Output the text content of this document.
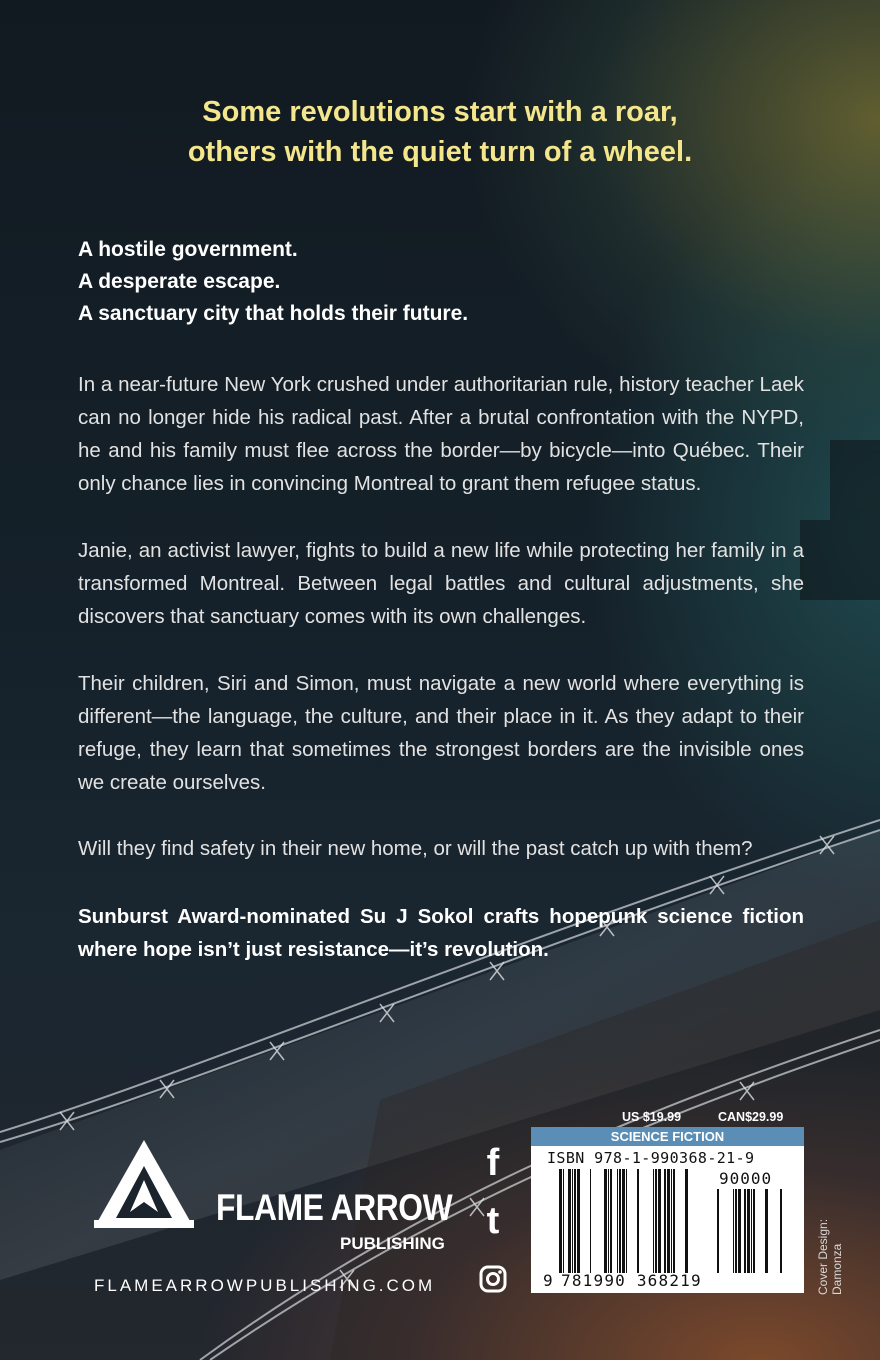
Some revolutions start with a roar,
others with the quiet turn of a wheel.
A hostile government.
A desperate escape.
A sanctuary city that holds their future.
In a near-future New York crushed under authoritarian rule, history teacher Laek can no longer hide his radical past. After a brutal confrontation with the NYPD, he and his family must flee across the border—by bicycle—into Québec. Their only chance lies in convincing Montreal to grant them refugee status.
Janie, an activist lawyer, fights to build a new life while protecting her family in a transformed Montreal. Between legal battles and cultural adjustments, she discovers that sanctuary comes with its own challenges.
Their children, Siri and Simon, must navigate a new world where everything is different—the language, the culture, and their place in it. As they adapt to their refuge, they learn that sometimes the strongest borders are the invisible ones we create ourselves.
Will they find safety in their new home, or will the past catch up with them?
Sunburst Award-nominated Su J Sokol crafts hopepunk science fiction where hope isn’t just resistance—it’s revolution.
FLAME ARROW
PUBLISHING
FLAMEARROWPUBLISHING.COM
f
t
US $19.99	CAN$29.99
SCIENCE FICTION
ISBN 978-1-990368-21-9
90000
9 781990 368219	Cover Design: Damonza
